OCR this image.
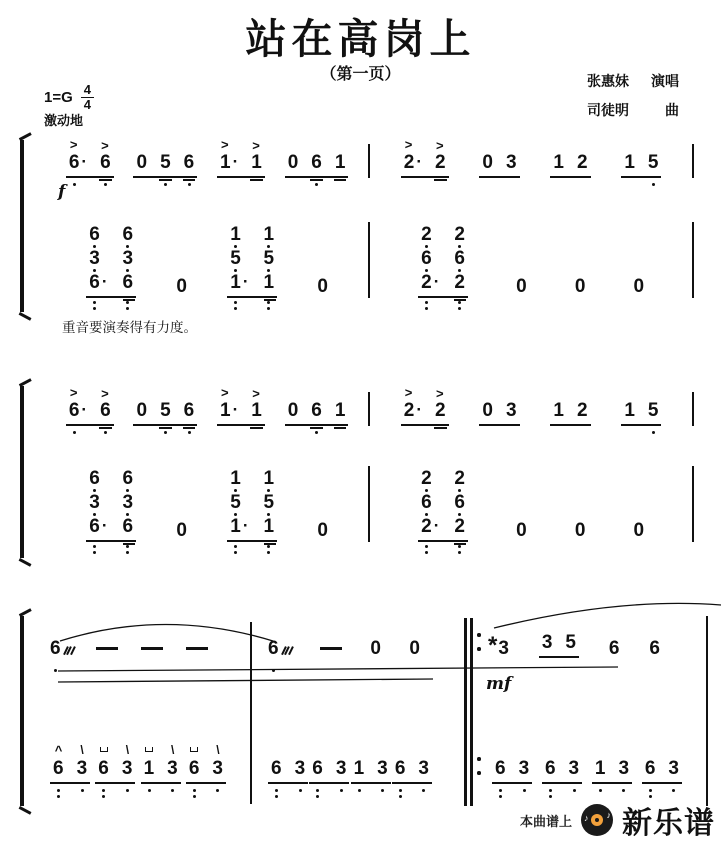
站在高岗上
（第一页）	张惠妹	演唱
司徒明	曲
$1=G \frac{4}{4}$
激动地
>
6 ·
>
6 0 5 6
>
1 ·
>
1 0 6 1
>
2 ·
>
2 0 3 1 2 1 5
f
6
3
6 ·
6
3
6 0
1
5
1 ·
1
5
1 0
2
6
2 ·
2
6
2	0	0	0
重音要演奏得有力度。
>
6 ·
>
6 0 5 6
>
1 ·
>
1 0 6 1
>
2 ·
>
2 0 3 1 2 1 5
6
3
6 ·
6
3
6 0
1
5
1 ·
1
5
1 0
2
6
2 ·
2
6
2	0	0	0
6	6	0 0	* 3 3 5 6 6
mf
^
6
\
3 6
\
3 1
\
3 6
\
3	6 3 6 3 1 3 6 3	6 3 6 3 1 3 6 3
本曲谱上 ♪ ♪ 新乐谱
